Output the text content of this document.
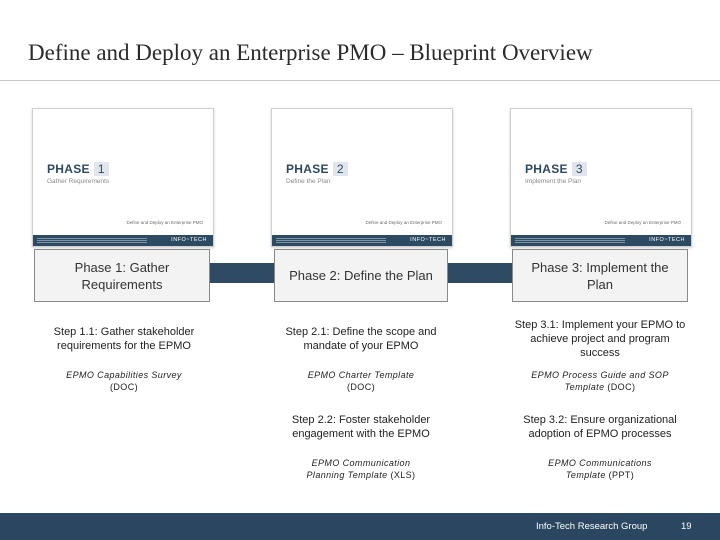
Define and Deploy an Enterprise PMO – Blueprint Overview
PHASE 1
Gather Requirements
Define and Deploy an Enterprise PMO
INFO~TECH
PHASE 2
Define the Plan
Define and Deploy an Enterprise PMO
INFO~TECH
PHASE 3
Implement the Plan
Define and Deploy an Enterprise PMO
INFO~TECH
Phase 1: Gather Requirements
Phase 2: Define the Plan
Phase 3: Implement the Plan
Step 1.1: Gather stakeholder requirements for the EPMO
Step 2.1: Define the scope and mandate of your EPMO
Step 3.1: Implement your EPMO to achieve project and program success
EPMO Capabilities Survey
(DOC)
EPMO Charter Template
(DOC)
EPMO Process Guide and SOP Template (DOC)
Step 2.2: Foster stakeholder engagement with the EPMO
Step 3.2: Ensure organizational adoption of EPMO processes
EPMO Communication Planning Template (XLS)
EPMO Communications Template (PPT)
Info-Tech Research Group	19
